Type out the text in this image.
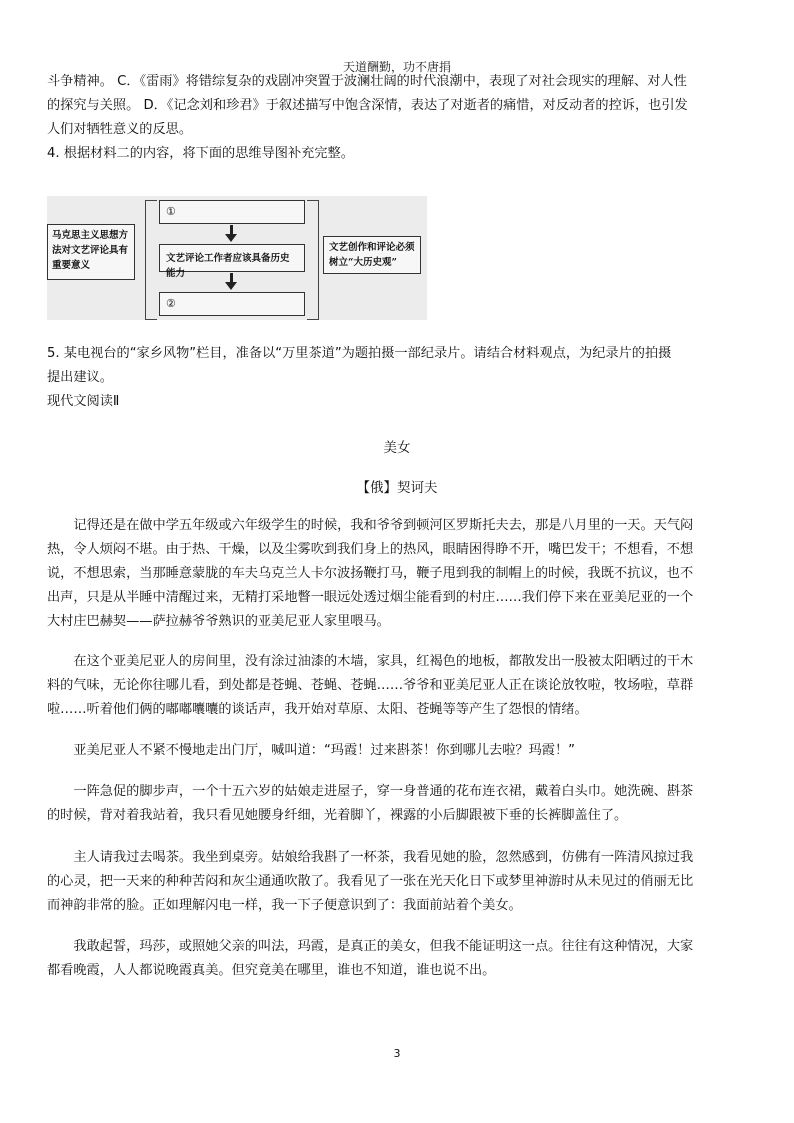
天道酬勤，功不唐捐
斗争精神。 C．《雷雨》将错综复杂的戏剧冲突置于波澜壮阔的时代浪潮中，表现了对社会现实的理解、对人性
的探究与关照。 D．《记念刘和珍君》于叙述描写中饱含深情，表达了对逝者的痛惜，对反动者的控诉，也引发
人们对牺牲意义的反思。
4. 根据材料二的内容，将下面的思维导图补充完整。
马克思主义思想方法对文艺评论具有重要意义
①
文艺评论工作者应该具备历史能力
②
文艺创作和评论必须树立“大历史观”
5. 某电视台的“家乡风物”栏目，准备以“万里茶道”为题拍摄一部纪录片。请结合材料观点，为纪录片的拍摄
提出建议。
现代文阅读Ⅱ
美女
【俄】契诃夫
记得还是在做中学五年级或六年级学生的时候，我和爷爷到顿河区罗斯托夫去，那是八月里的一天。天气闷
热，令人烦闷不堪。由于热、干燥，以及尘雾吹到我们身上的热风，眼睛困得睁不开，嘴巴发干；不想看，不想
说，不想思索，当那睡意蒙胧的车夫乌克兰人卡尔波扬鞭打马，鞭子甩到我的制帽上的时候，我既不抗议，也不
出声，只是从半睡中清醒过来，无精打采地瞥一眼远处透过烟尘能看到的村庄……我们停下来在亚美尼亚的一个
大村庄巴赫契——萨拉赫爷爷熟识的亚美尼亚人家里喂马。
在这个亚美尼亚人的房间里，没有涂过油漆的木墙，家具，红褐色的地板，都散发出一股被太阳晒过的干木
料的气味，无论你往哪儿看，到处都是苍蝇、苍蝇、苍蝇……爷爷和亚美尼亚人正在谈论放牧啦，牧场啦，草群
啦……听着他们俩的嘟嘟囔囔的谈话声，我开始对草原、太阳、苍蝇等等产生了怨恨的情绪。
亚美尼亚人不紧不慢地走出门厅，喊叫道：“玛霞！过来斟茶！你到哪儿去啦？玛霞！”
一阵急促的脚步声，一个十五六岁的姑娘走进屋子，穿一身普通的花布连衣裙，戴着白头巾。她洗碗、斟茶
的时候，背对着我站着，我只看见她腰身纤细，光着脚丫，裸露的小后脚跟被下垂的长裤脚盖住了。
主人请我过去喝茶。我坐到桌旁。姑娘给我斟了一杯茶，我看见她的脸，忽然感到，仿佛有一阵清风掠过我
的心灵，把一天来的种种苦闷和灰尘通通吹散了。我看见了一张在光天化日下或梦里神游时从未见过的俏丽无比
而神韵非常的脸。正如理解闪电一样，我一下子便意识到了：我面前站着个美女。
我敢起誓，玛莎，或照她父亲的叫法，玛霞，是真正的美女，但我不能证明这一点。往往有这种情况，大家
都看晚霞，人人都说晚霞真美。但究竟美在哪里，谁也不知道，谁也说不出。
3
